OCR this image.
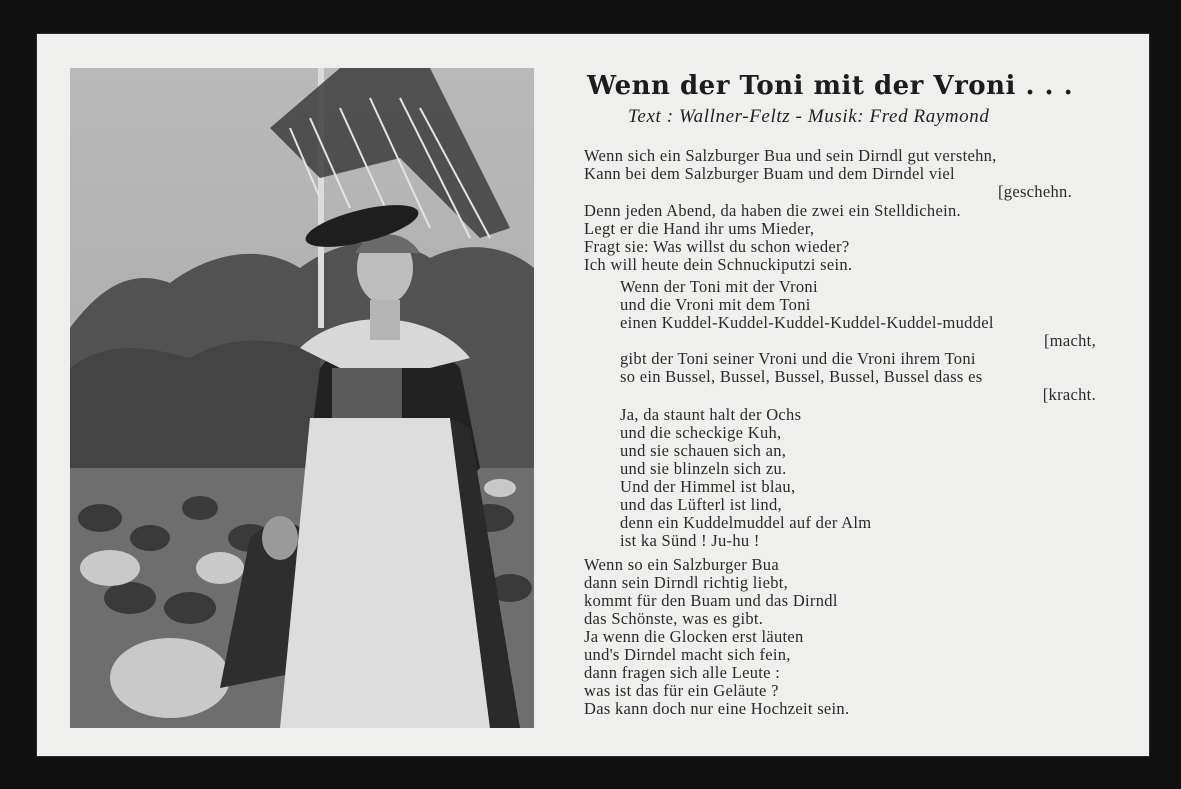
Wenn der Toni mit der Vroni . . .
Text : Wallner-Feltz - Musik: Fred Raymond
Wenn sich ein Salzburger Bua und sein Dirndl gut verstehn,
Kann bei dem Salzburger Buam und dem Dirndel viel
[geschehn.
Denn jeden Abend, da haben die zwei ein Stelldichein.
Legt er die Hand ihr ums Mieder,
Fragt sie: Was willst du schon wieder?
Ich will heute dein Schnuckiputzi sein.
Wenn der Toni mit der Vroni
und die Vroni mit dem Toni
einen Kuddel-Kuddel-Kuddel-Kuddel-Kuddel-muddel
[macht,
gibt der Toni seiner Vroni und die Vroni ihrem Toni
so ein Bussel, Bussel, Bussel, Bussel, Bussel dass es
[kracht.
Ja, da staunt halt der Ochs
und die scheckige Kuh,
und sie schauen sich an,
und sie blinzeln sich zu.
Und der Himmel ist blau,
und das Lüfterl ist lind,
denn ein Kuddelmuddel auf der Alm
ist ka Sünd ! Ju-hu !
Wenn so ein Salzburger Bua
dann sein Dirndl richtig liebt,
kommt für den Buam und das Dirndl
das Schönste, was es gibt.
Ja wenn die Glocken erst läuten
und's Dirndel macht sich fein,
dann fragen sich alle Leute :
was ist das für ein Geläute ?
Das kann doch nur eine Hochzeit sein.
